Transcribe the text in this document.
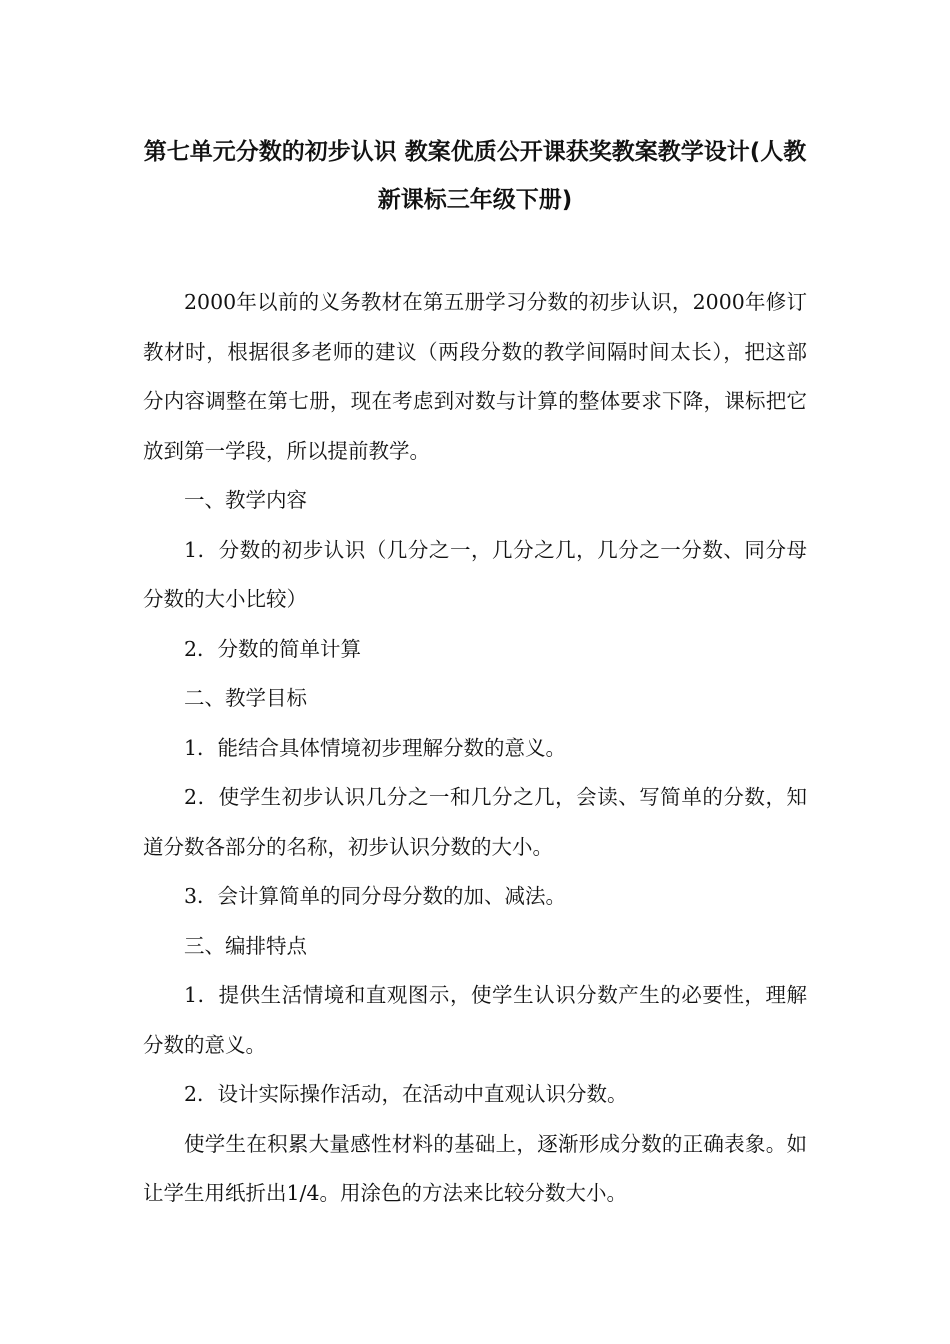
第七单元分数的初步认识 教案优质公开课获奖教案教学设计(人教新课标三年级下册)

2000年以前的义务教材在第五册学习分数的初步认识，2000年修订教材时，根据很多老师的建议（两段分数的教学间隔时间太长），把这部分内容调整在第七册，现在考虑到对数与计算的整体要求下降，课标把它放到第一学段，所以提前教学。

一、教学内容

1．分数的初步认识（几分之一，几分之几，几分之一分数、同分母分数的大小比较）

2．分数的简单计算

二、教学目标

1．能结合具体情境初步理解分数的意义。

2．使学生初步认识几分之一和几分之几，会读、写简单的分数，知道分数各部分的名称，初步认识分数的大小。

3．会计算简单的同分母分数的加、减法。

三、编排特点

1．提供生活情境和直观图示，使学生认识分数产生的必要性，理解分数的意义。

2．设计实际操作活动，在活动中直观认识分数。

使学生在积累大量感性材料的基础上，逐渐形成分数的正确表象。如让学生用纸折出1/4。用涂色的方法来比较分数大小。
